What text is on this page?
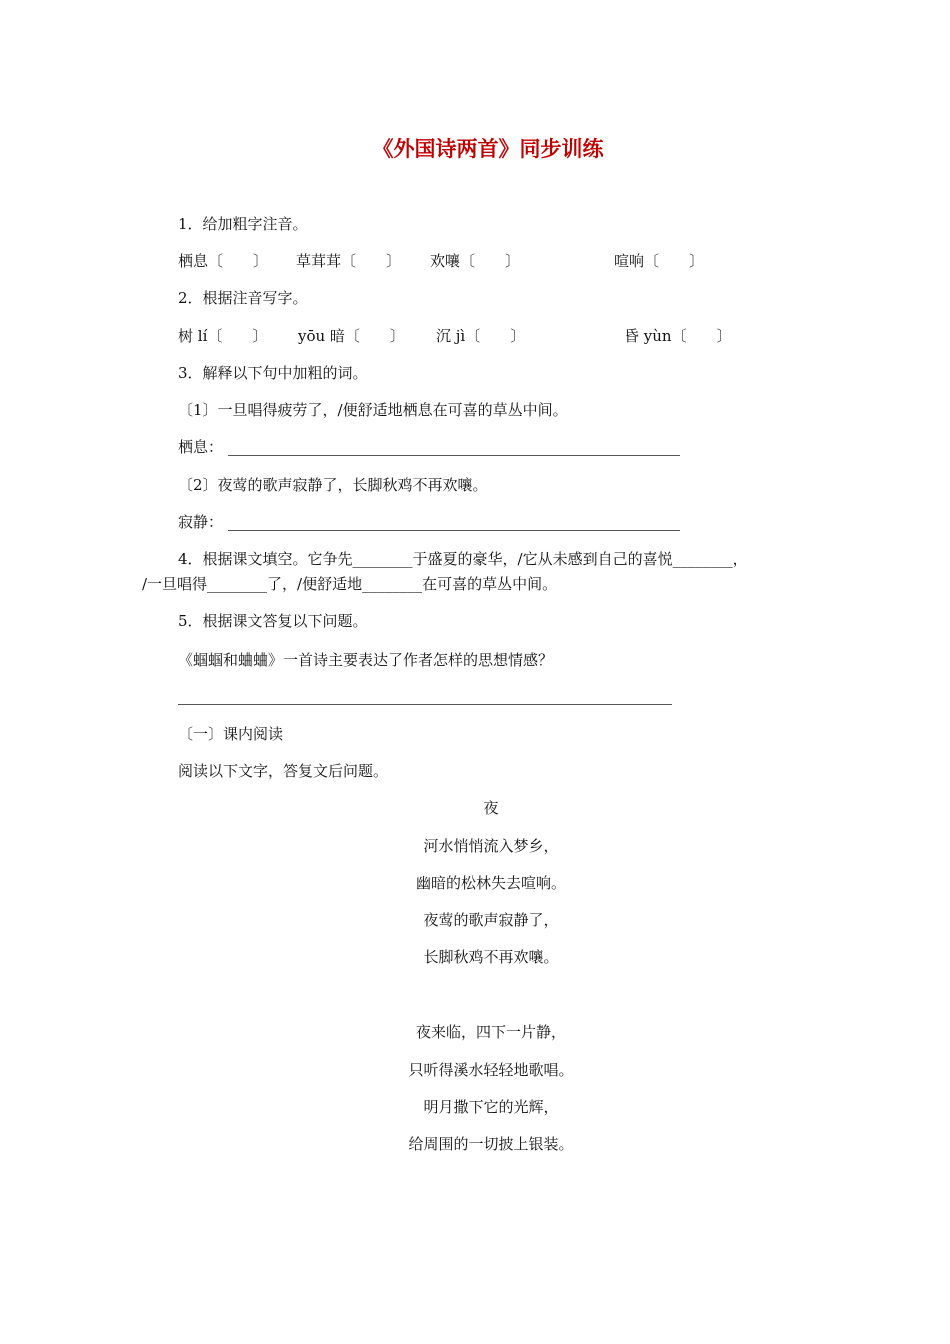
《外国诗两首》同步训练
1．给加粗字注音。
栖息〔　　〕 草茸茸〔　　〕 欢嚷〔　　〕	喧响〔　　〕
2．根据注音写字。
树 lí〔　　〕 yōu 暗〔　　〕 沉 jì〔　　〕	昏 yùn〔　　〕
3．解释以下句中加粗的词。
〔1〕一旦唱得疲劳了，/便舒适地栖息在可喜的草丛中间。
栖息：
〔2〕夜莺的歌声寂静了，长脚秋鸡不再欢嚷。
寂静：
4．根据课文填空。它争先________于盛夏的豪华，/它从未感到自己的喜悦________，
/一旦唱得________了，/便舒适地________在可喜的草丛中间。
5．根据课文答复以下问题。
《蝈蝈和蛐蛐》一首诗主要表达了作者怎样的思想情感？
〔一〕课内阅读
阅读以下文字，答复文后问题。
夜
河水悄悄流入梦乡，
幽暗的松林失去喧响。
夜莺的歌声寂静了，
长脚秋鸡不再欢嚷。
夜来临，四下一片静，
只听得溪水轻轻地歌唱。
明月撒下它的光辉，
给周围的一切披上银装。
